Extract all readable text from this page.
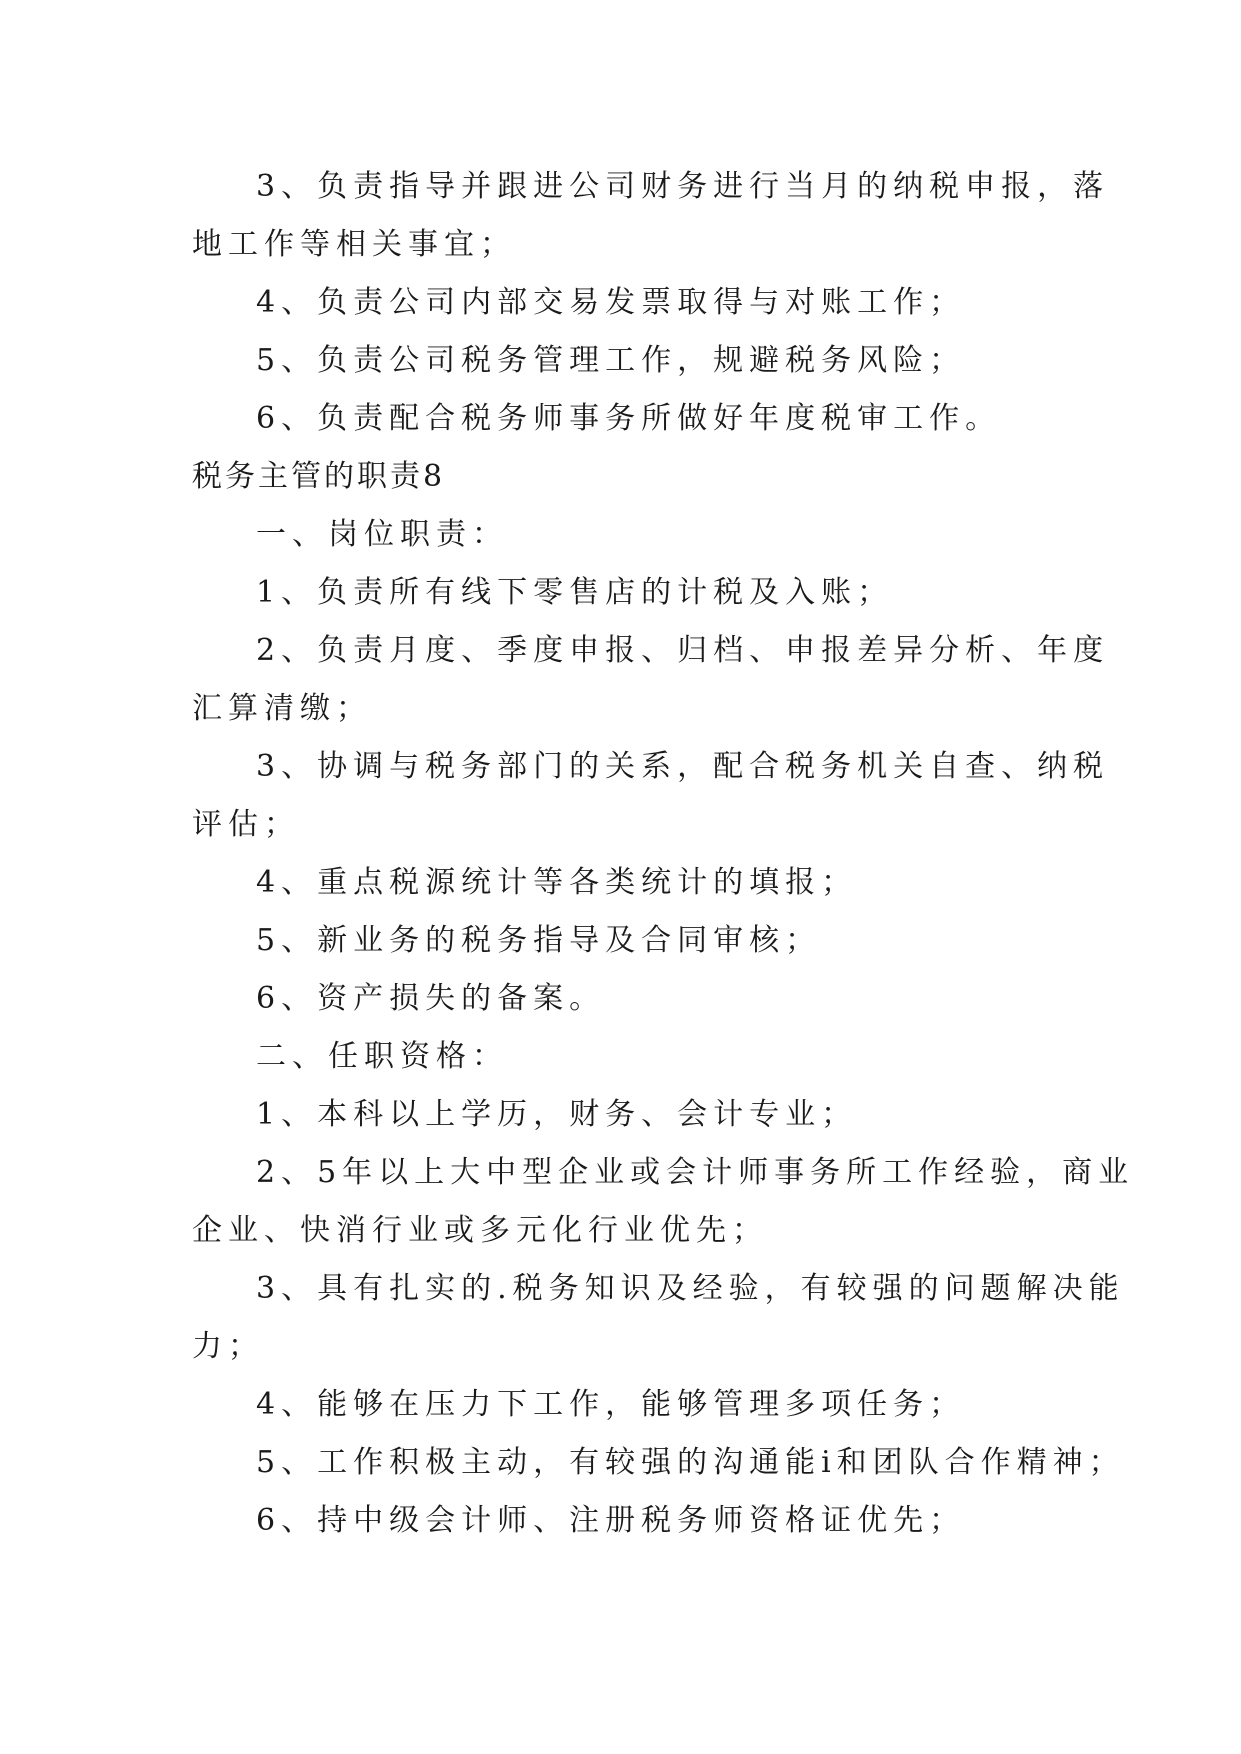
3、负责指导并跟进公司财务进行当月的纳税申报，落
地工作等相关事宜；
4、负责公司内部交易发票取得与对账工作；
5、负责公司税务管理工作，规避税务风险；
6、负责配合税务师事务所做好年度税审工作。
税务主管的职责8
一、岗位职责：
1、负责所有线下零售店的计税及入账；
2、负责月度、季度申报、归档、申报差异分析、年度
汇算清缴；
3、协调与税务部门的关系，配合税务机关自查、纳税
评估；
4、重点税源统计等各类统计的填报；
5、新业务的税务指导及合同审核；
6、资产损失的备案。
二、任职资格：
1、本科以上学历，财务、会计专业；
2、5年以上大中型企业或会计师事务所工作经验，商业
企业、快消行业或多元化行业优先；
3、具有扎实的.税务知识及经验，有较强的问题解决能
力；
4、能够在压力下工作，能够管理多项任务；
5、工作积极主动，有较强的沟通能i和团队合作精神；
6、持中级会计师、注册税务师资格证优先；
